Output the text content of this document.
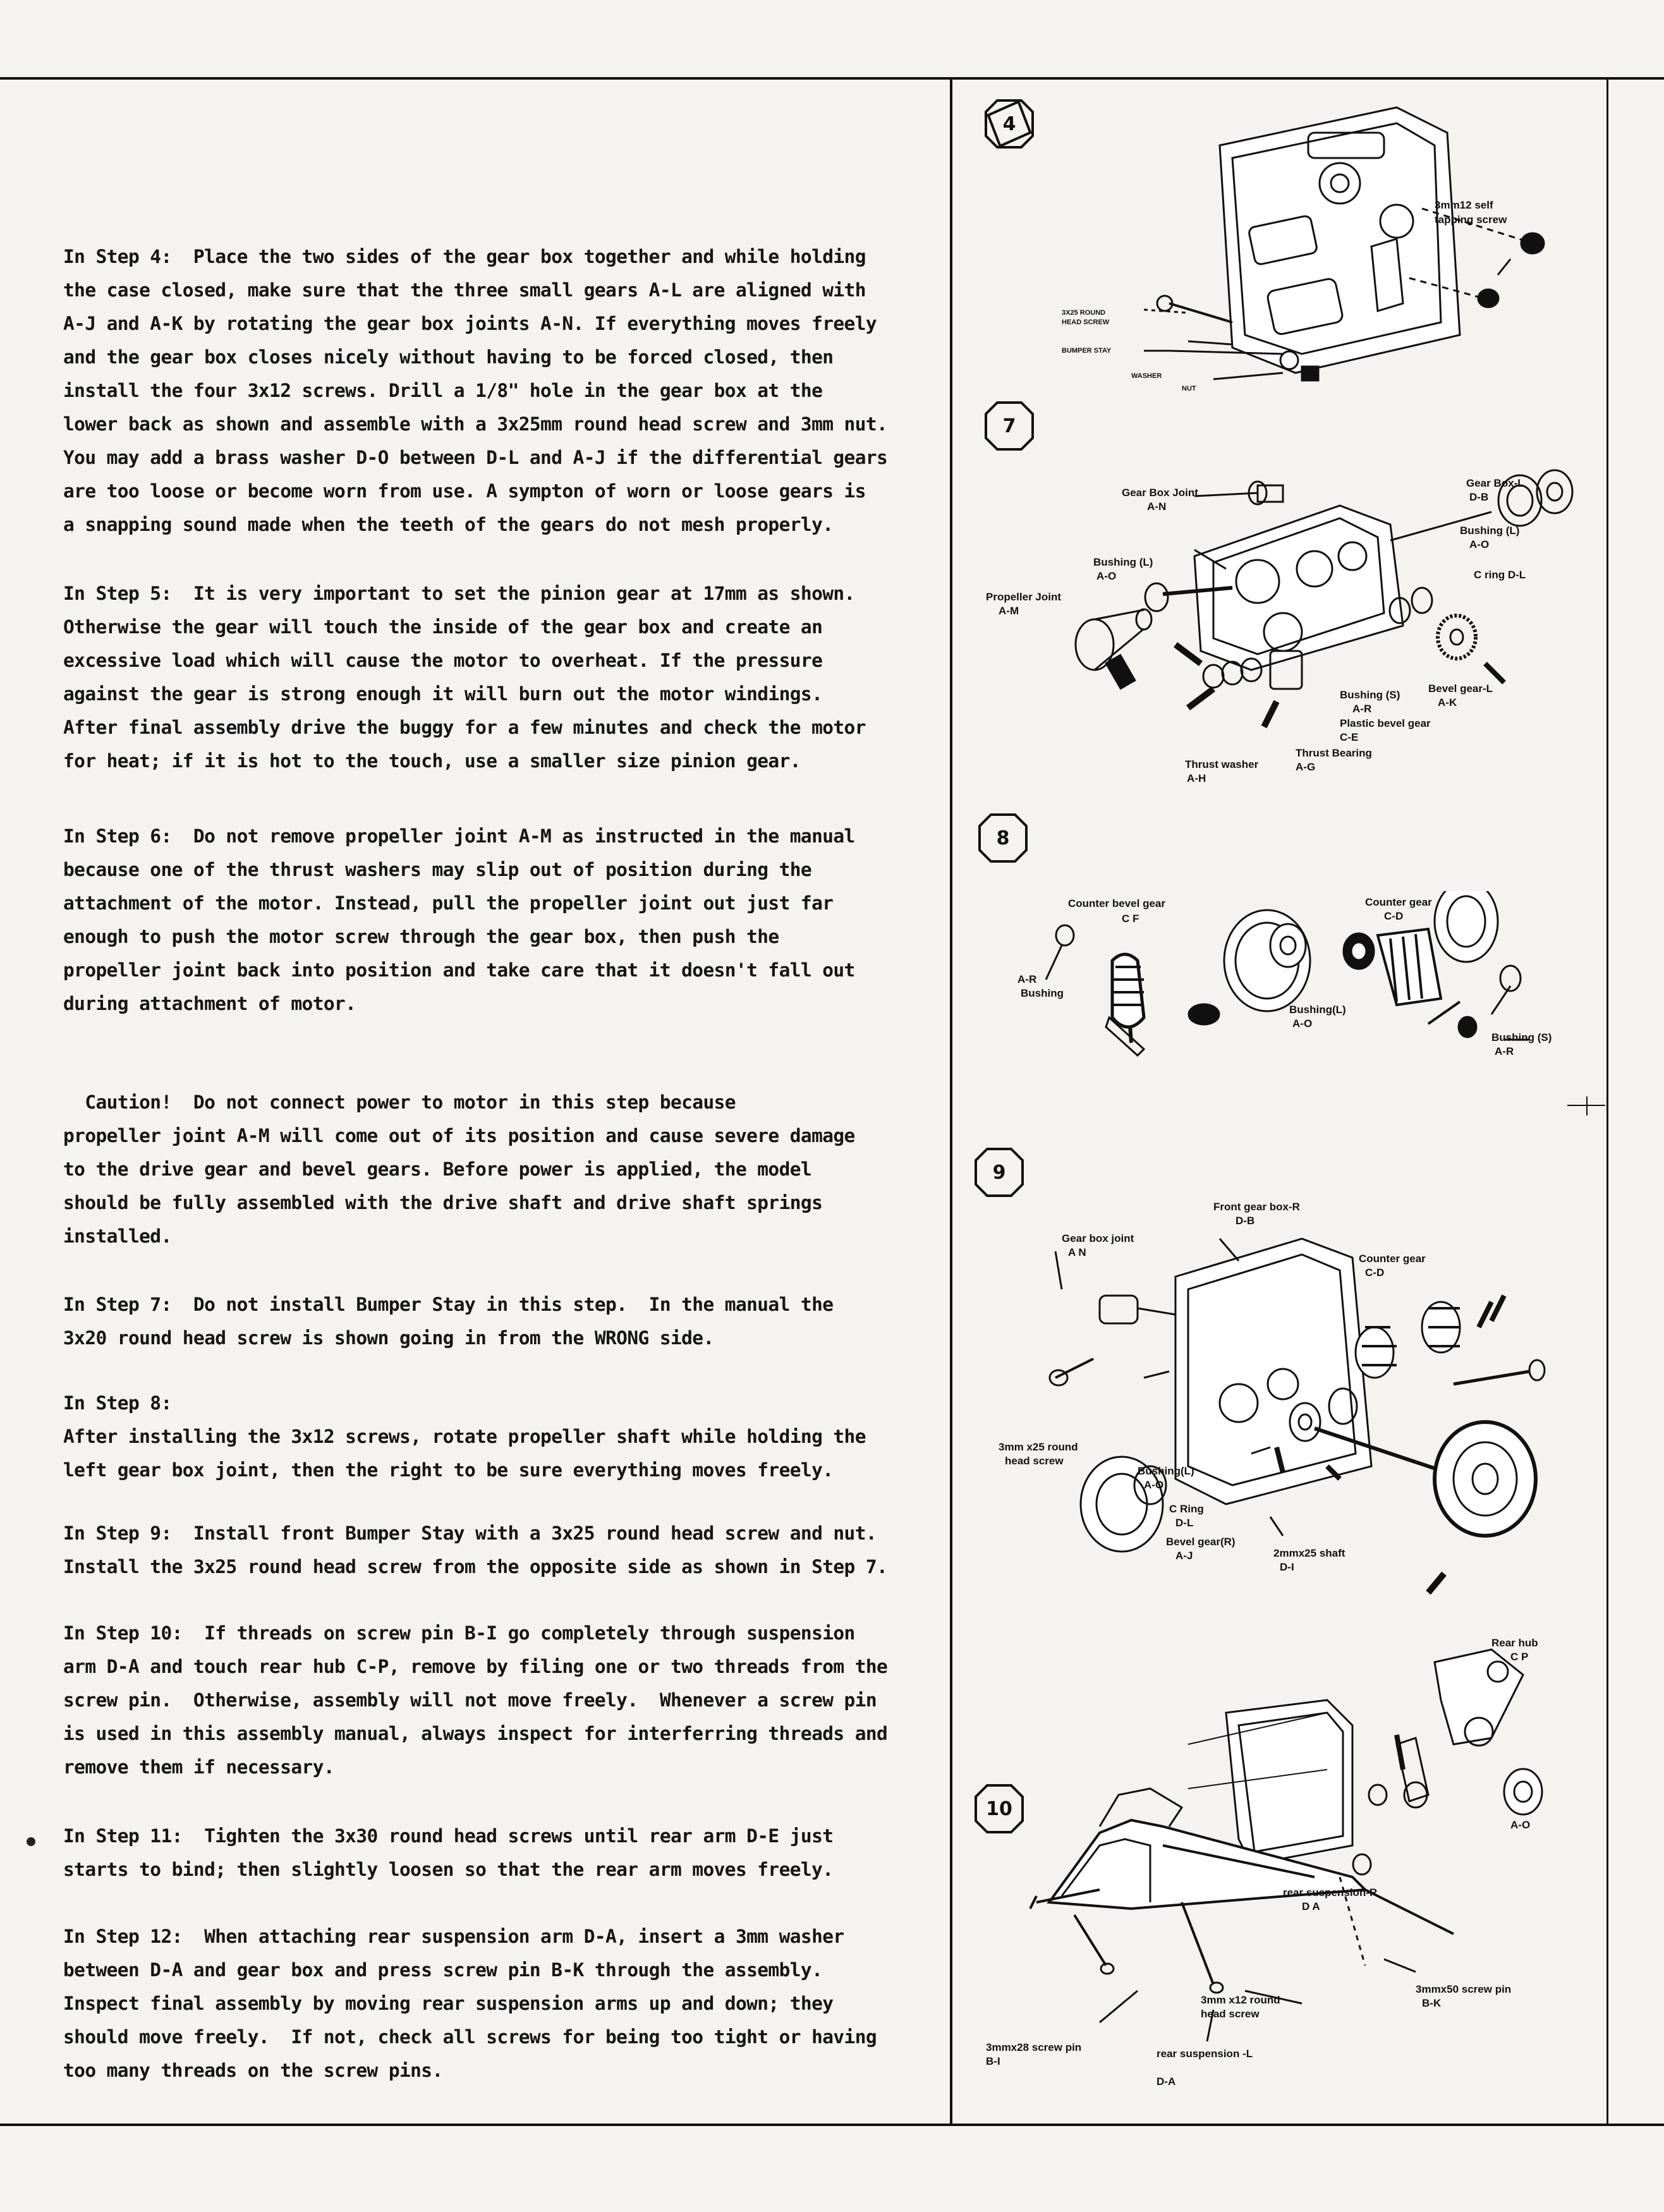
In Step 4:  Place the two sides of the gear box together and while holding
the case closed, make sure that the three small gears A-L are aligned with
A-J and A-K by rotating the gear box joints A-N. If everything moves freely
and the gear box closes nicely without having to be forced closed, then
install the four 3x12 screws. Drill a 1/8" hole in the gear box at the
lower back as shown and assemble with a 3x25mm round head screw and 3mm nut.
You may add a brass washer D-O between D-L and A-J if the differential gears
are too loose or become worn from use. A sympton of worn or loose gears is
a snapping sound made when the teeth of the gears do not mesh properly.
In Step 5:  It is very important to set the pinion gear at 17mm as shown.
Otherwise the gear will touch the inside of the gear box and create an
excessive load which will cause the motor to overheat. If the pressure
against the gear is strong enough it will burn out the motor windings.
After final assembly drive the buggy for a few minutes and check the motor
for heat; if it is hot to the touch, use a smaller size pinion gear.
In Step 6:  Do not remove propeller joint A-M as instructed in the manual
because one of the thrust washers may slip out of position during the
attachment of the motor. Instead, pull the propeller joint out just far
enough to push the motor screw through the gear box, then push the
propeller joint back into position and take care that it doesn't fall out
during attachment of motor.
Caution!  Do not connect power to motor in this step because
propeller joint A-M will come out of its position and cause severe damage
to the drive gear and bevel gears. Before power is applied, the model
should be fully assembled with the drive shaft and drive shaft springs
installed.
In Step 7:  Do not install Bumper Stay in this step.  In the manual the
3x20 round head screw is shown going in from the WRONG side.
In Step 8:
After installing the 3x12 screws, rotate propeller shaft while holding the
left gear box joint, then the right to be sure everything moves freely.
In Step 9:  Install front Bumper Stay with a 3x25 round head screw and nut.
Install the 3x25 round head screw from the opposite side as shown in Step 7.
In Step 10:  If threads on screw pin B-I go completely through suspension
arm D-A and touch rear hub C-P, remove by filing one or two threads from the
screw pin.  Otherwise, assembly will not move freely.  Whenever a screw pin
is used in this assembly manual, always inspect for interferring threads and
remove them if necessary.
In Step 11:  Tighten the 3x30 round head screws until rear arm D-E just
starts to bind; then slightly loosen so that the rear arm moves freely.
In Step 12:  When attaching rear suspension arm D-A, insert a 3mm washer
between D-A and gear box and press screw pin B-K through the assembly.
Inspect final assembly by moving rear suspension arms up and down; they
should move freely.  If not, check all screws for being too tight or having
too many threads on the screw pins.
4
7
8
9
10
3mm12 self
tapping screw
3X25 ROUND
HEAD SCREW
BUMPER STAY
WASHER
NUT
Gear Box Joint
A-N
Gear Box-L
D-B
Bushing (L)
A-O
Propeller Joint
A-M
Bushing (L)
A-O	C ring D-L
Bushing (S)
A-R
Bevel gear-L
A-K
Plastic bevel gear
C-E
Thrust Bearing
Thrust washer
A-H
A-G
Counter bevel gear
C F
Counter gear
C-D
A-R
Bushing
Bushing(L)
A-O
Bushing (S)
A-R
Front gear box-R
D-B
Gear box joint
A N
Counter gear
C-D
3mm x25 round
head screw
Bushing(L)
A-O
C Ring
D-L
Bevel gear(R)
A-J	2mmx25 shaft
D-I
Rear hub
C P
A-O
rear suspension-R
D A
3mm x12 round
head screw
3mmx50 screw pin
B-K
3mmx28 screw pin
B-I
rear suspension -L
D-A
